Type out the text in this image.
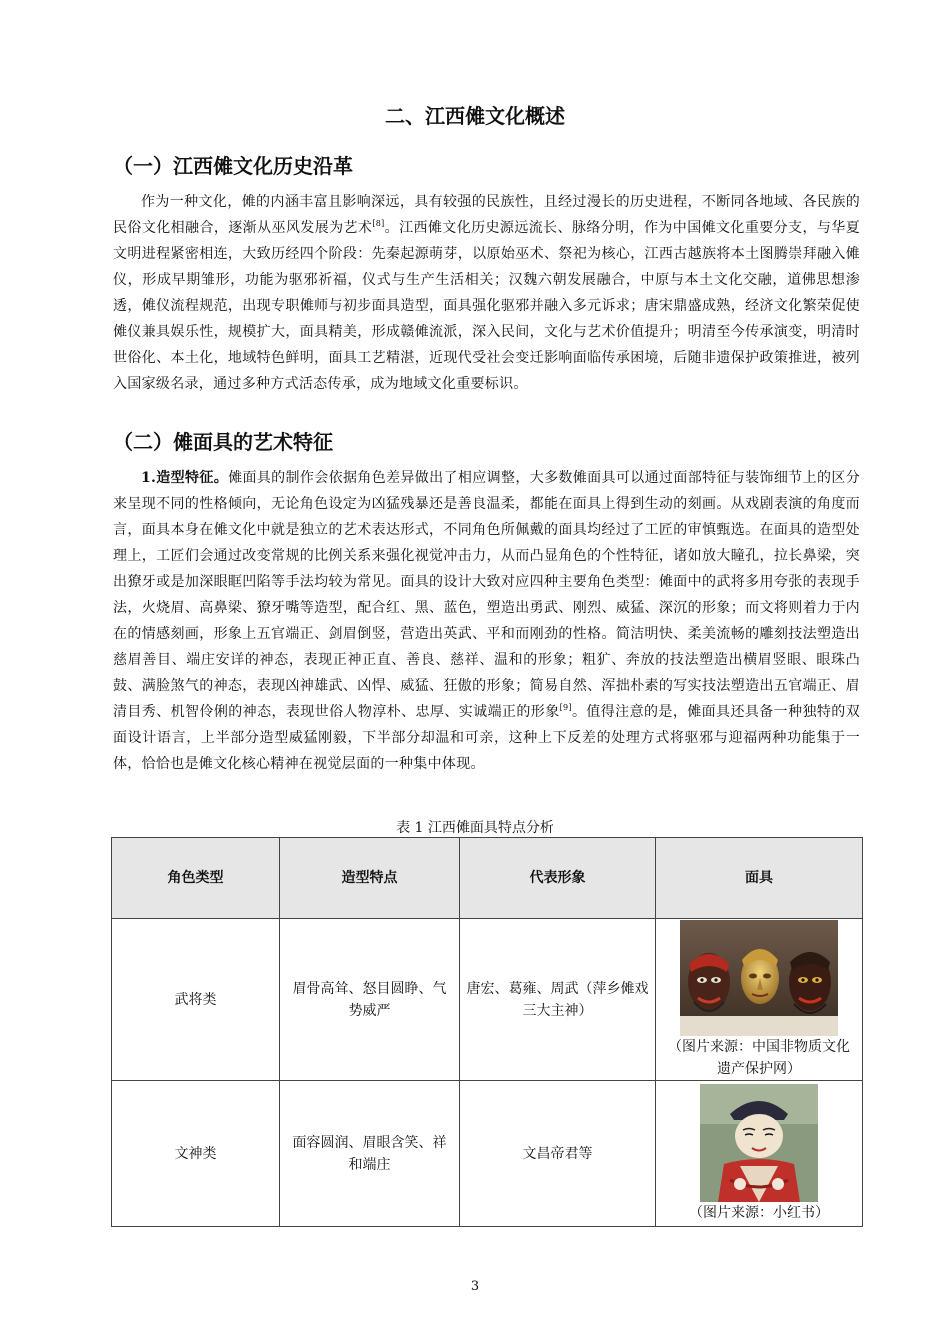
二、江西傩文化概述
（一）江西傩文化历史沿革

作为一种文化，傩的内涵丰富且影响深远，具有较强的民族性，且经过漫长的历史进程，不断同各地域、各民族的民俗文化相融合，逐渐从巫风发展为艺术[8]。江西傩文化历史源远流长、脉络分明，作为中国傩文化重要分支，与华夏文明进程紧密相连，大致历经四个阶段：先秦起源萌芽，以原始巫术、祭祀为核心，江西古越族将本土图腾崇拜融入傩仪，形成早期雏形，功能为驱邪祈福，仪式与生产生活相关；汉魏六朝发展融合，中原与本土文化交融，道佛思想渗透，傩仪流程规范，出现专职傩师与初步面具造型，面具强化驱邪并融入多元诉求；唐宋鼎盛成熟，经济文化繁荣促使傩仪兼具娱乐性，规模扩大，面具精美，形成赣傩流派，深入民间，文化与艺术价值提升；明清至今传承演变，明清时世俗化、本土化，地域特色鲜明，面具工艺精湛，近现代受社会变迁影响面临传承困境，后随非遗保护政策推进，被列入国家级名录，通过多种方式活态传承，成为地域文化重要标识。

（二）傩面具的艺术特征

1.造型特征。傩面具的制作会依据角色差异做出了相应调整，大多数傩面具可以通过面部特征与装饰细节上的区分来呈现不同的性格倾向，无论角色设定为凶猛残暴还是善良温柔，都能在面具上得到生动的刻画。从戏剧表演的角度而言，面具本身在傩文化中就是独立的艺术表达形式，不同角色所佩戴的面具均经过了工匠的审慎甄选。在面具的造型处理上，工匠们会通过改变常规的比例关系来强化视觉冲击力，从而凸显角色的个性特征，诸如放大瞳孔，拉长鼻梁，突出獠牙或是加深眼眶凹陷等手法均较为常见。面具的设计大致对应四种主要角色类型：傩面中的武将多用夸张的表现手法，火烧眉、高鼻梁、獠牙嘴等造型，配合红、黑、蓝色，塑造出勇武、刚烈、威猛、深沉的形象；而文将则着力于内在的情感刻画，形象上五官端正、剑眉倒竖，营造出英武、平和而刚劲的性格。简洁明快、柔美流畅的雕刻技法塑造出慈眉善目、端庄安详的神态，表现正神正直、善良、慈祥、温和的形象；粗犷、奔放的技法塑造出横眉竖眼、眼珠凸鼓、满脸煞气的神态，表现凶神雄武、凶悍、威猛、狂傲的形象；简易自然、浑拙朴素的写实技法塑造出五官端正、眉清目秀、机智伶俐的神态，表现世俗人物淳朴、忠厚、实诚端正的形象[9]。值得注意的是，傩面具还具备一种独特的双面设计语言，上半部分造型威猛刚毅，下半部分却温和可亲，这种上下反差的处理方式将驱邪与迎福两种功能集于一体，恰恰也是傩文化核心精神在视觉层面的一种集中体现。

表 1 江西傩面具特点分析

角色类型	造型特点	代表形象	面具
武将类	眉骨高耸、怒目圆睁、气势威严	唐宏、葛雍、周武（萍乡傩戏三大主神）	（图片来源：中国非物质文化遗产保护网）

文神类	面容圆润、眉眼含笑、祥和端庄	文昌帝君等	（图片来源：小红书）

3
